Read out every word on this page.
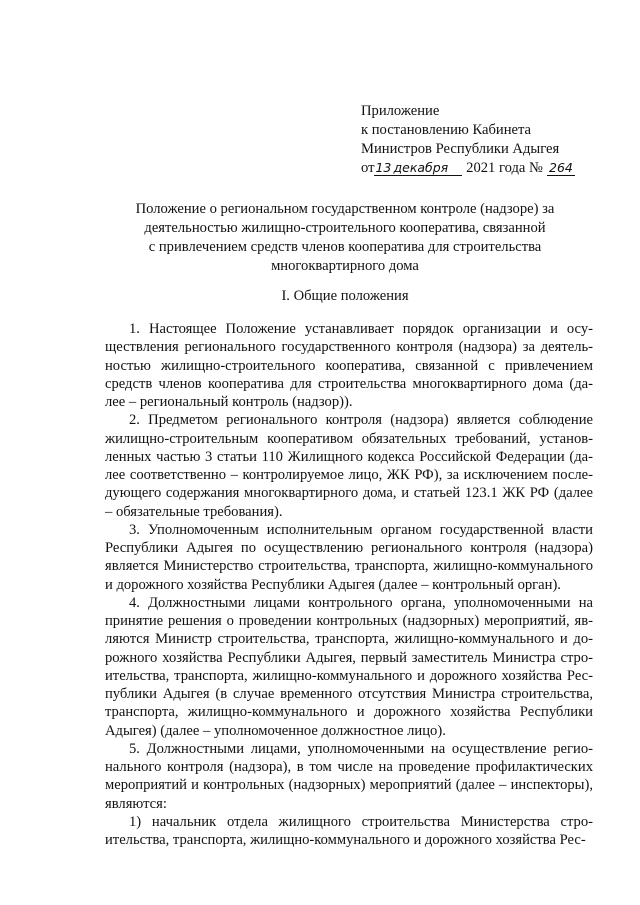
Приложение
к постановлению Кабинета
Министров Республики Адыгея
от13 декабря 2021 года № 264
Положение о региональном государственном контроле (надзоре) за
деятельностью жилищно-строительного кооператива, связанной
с привлечением средств членов кооператива для строительства
многоквартирного дома
I. Общие положения
1. Настоящее Положение устанавливает порядок организации и осу-
ществления регионального государственного контроля (надзора) за деятель-
ностью жилищно-строительного кооператива, связанной с привлечением
средств членов кооператива для строительства многоквартирного дома (да-
лее – региональный контроль (надзор)).
2. Предметом регионального контроля (надзора) является соблюдение
жилищно-строительным кооперативом обязательных требований, установ-
ленных частью 3 статьи 110 Жилищного кодекса Российской Федерации (да-
лее соответственно – контролируемое лицо, ЖК РФ), за исключением после-
дующего содержания многоквартирного дома, и статьей 123.1 ЖК РФ (далее
– обязательные требования).
3. Уполномоченным исполнительным органом государственной власти
Республики Адыгея по осуществлению регионального контроля (надзора)
является Министерство строительства, транспорта, жилищно-коммунального
и дорожного хозяйства Республики Адыгея (далее – контрольный орган).
4. Должностными лицами контрольного органа, уполномоченными на
принятие решения о проведении контрольных (надзорных) мероприятий, яв-
ляются Министр строительства, транспорта, жилищно-коммунального и до-
рожного хозяйства Республики Адыгея, первый заместитель Министра стро-
ительства, транспорта, жилищно-коммунального и дорожного хозяйства Рес-
публики Адыгея (в случае временного отсутствия Министра строительства,
транспорта, жилищно-коммунального и дорожного хозяйства Республики
Адыгея) (далее – уполномоченное должностное лицо).
5. Должностными лицами, уполномоченными на осуществление регио-
нального контроля (надзора), в том числе на проведение профилактических
мероприятий и контрольных (надзорных) мероприятий (далее – инспекторы),
являются:
1) начальник отдела жилищного строительства Министерства стро-
ительства, транспорта, жилищно-коммунального и дорожного хозяйства Рес-
